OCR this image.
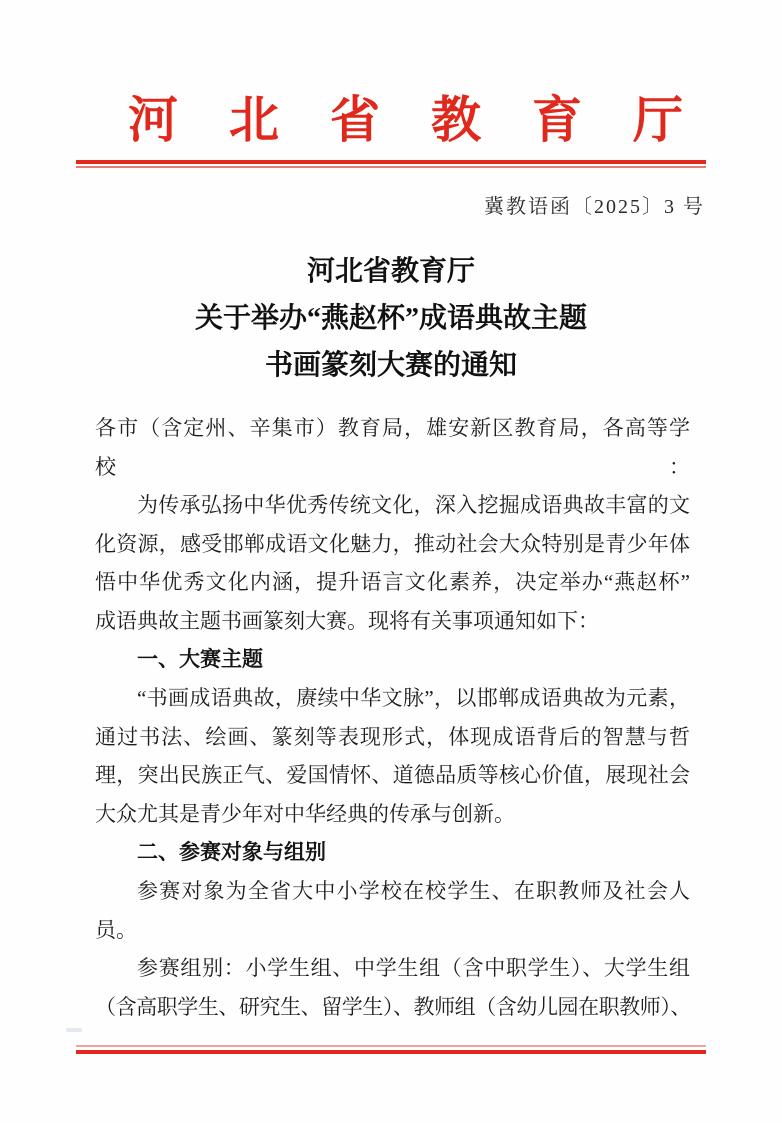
河北省教育厅
冀教语函〔2025〕3 号
河北省教育厅
关于举办“燕赵杯”成语典故主题
书画篆刻大赛的通知
各市（含定州、辛集市）教育局，雄安新区教育局，各高等学校：
为传承弘扬中华优秀传统文化，深入挖掘成语典故丰富的文
化资源，感受邯郸成语文化魅力，推动社会大众特别是青少年体
悟中华优秀文化内涵，提升语言文化素养，决定举办“燕赵杯”
成语典故主题书画篆刻大赛。现将有关事项通知如下：
一、大赛主题
“书画成语典故，赓续中华文脉”，以邯郸成语典故为元素，
通过书法、绘画、篆刻等表现形式，体现成语背后的智慧与哲
理，突出民族正气、爱国情怀、道德品质等核心价值，展现社会
大众尤其是青少年对中华经典的传承与创新。
二、参赛对象与组别
参赛对象为全省大中小学校在校学生、在职教师及社会人
员。
参赛组别：小学生组、中学生组（含中职学生）、大学生组
（含高职学生、研究生、留学生）、教师组（含幼儿园在职教师）、
